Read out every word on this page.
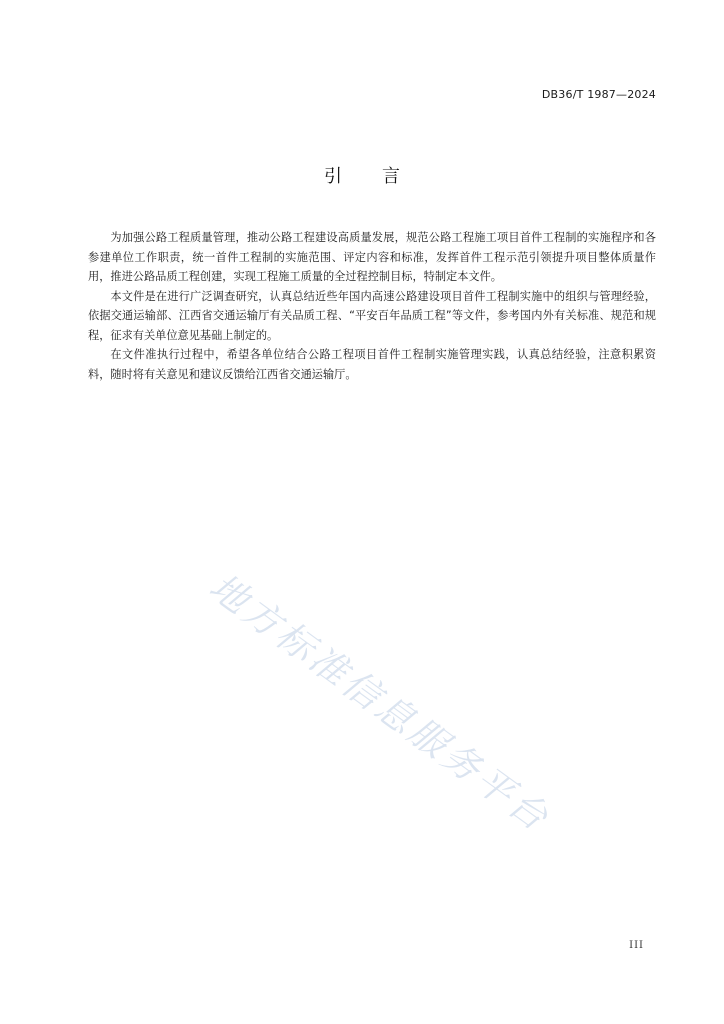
DB36/T 1987—2024
引言

为加强公路工程质量管理，推动公路工程建设高质量发展，规范公路工程施工项目首件工程制的实施程序和各参建单位工作职责，统一首件工程制的实施范围、评定内容和标准，发挥首件工程示范引领提升项目整体质量作用，推进公路品质工程创建，实现工程施工质量的全过程控制目标，特制定本文件。

本文件是在进行广泛调查研究，认真总结近些年国内高速公路建设项目首件工程制实施中的组织与管理经验，依据交通运输部、江西省交通运输厅有关品质工程、“平安百年品质工程”等文件，参考国内外有关标准、规范和规程，征求有关单位意见基础上制定的。

在文件准执行过程中，希望各单位结合公路工程项目首件工程制实施管理实践，认真总结经验，注意积累资料，随时将有关意见和建议反馈给江西省交通运输厅。

地方标准信息服务平台
III
